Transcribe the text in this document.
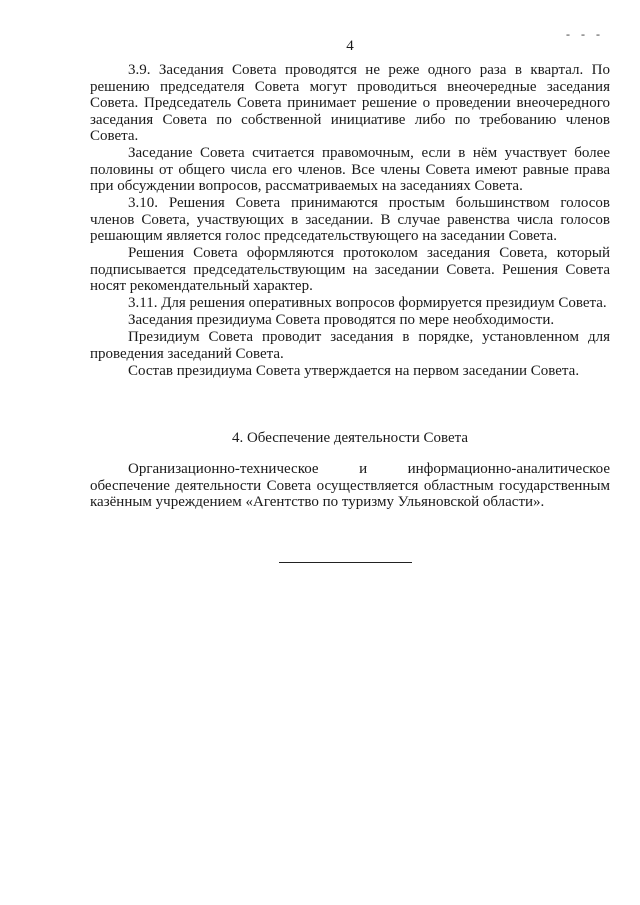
4
- - -

3.9. Заседания Совета проводятся не реже одного раза в квартал. По решению председателя Совета могут проводиться внеочередные заседания Совета. Председатель Совета принимает решение о проведении внеочередного заседания Совета по собственной инициативе либо по требованию членов Совета.

Заседание Совета считается правомочным, если в нём участвует более половины от общего числа его членов. Все члены Совета имеют равные права при обсуждении вопросов, рассматриваемых на заседаниях Совета.

3.10. Решения Совета принимаются простым большинством голосов членов Совета, участвующих в заседании. В случае равенства числа голосов решающим является голос председательствующего на заседании Совета.

Решения Совета оформляются протоколом заседания Совета, который подписывается председательствующим на заседании Совета. Решения Совета носят рекомендательный характер.

3.11. Для решения оперативных вопросов формируется президиум Совета.

Заседания президиума Совета проводятся по мере необходимости.

Президиум Совета проводит заседания в порядке, установленном для проведения заседаний Совета.

Состав президиума Совета утверждается на первом заседании Совета.

4. Обеспечение деятельности Совета

Организационно-техническое и информационно-аналитическое обеспечение деятельности Совета осуществляется областным государственным казённым учреждением «Агентство по туризму Ульяновской области».
